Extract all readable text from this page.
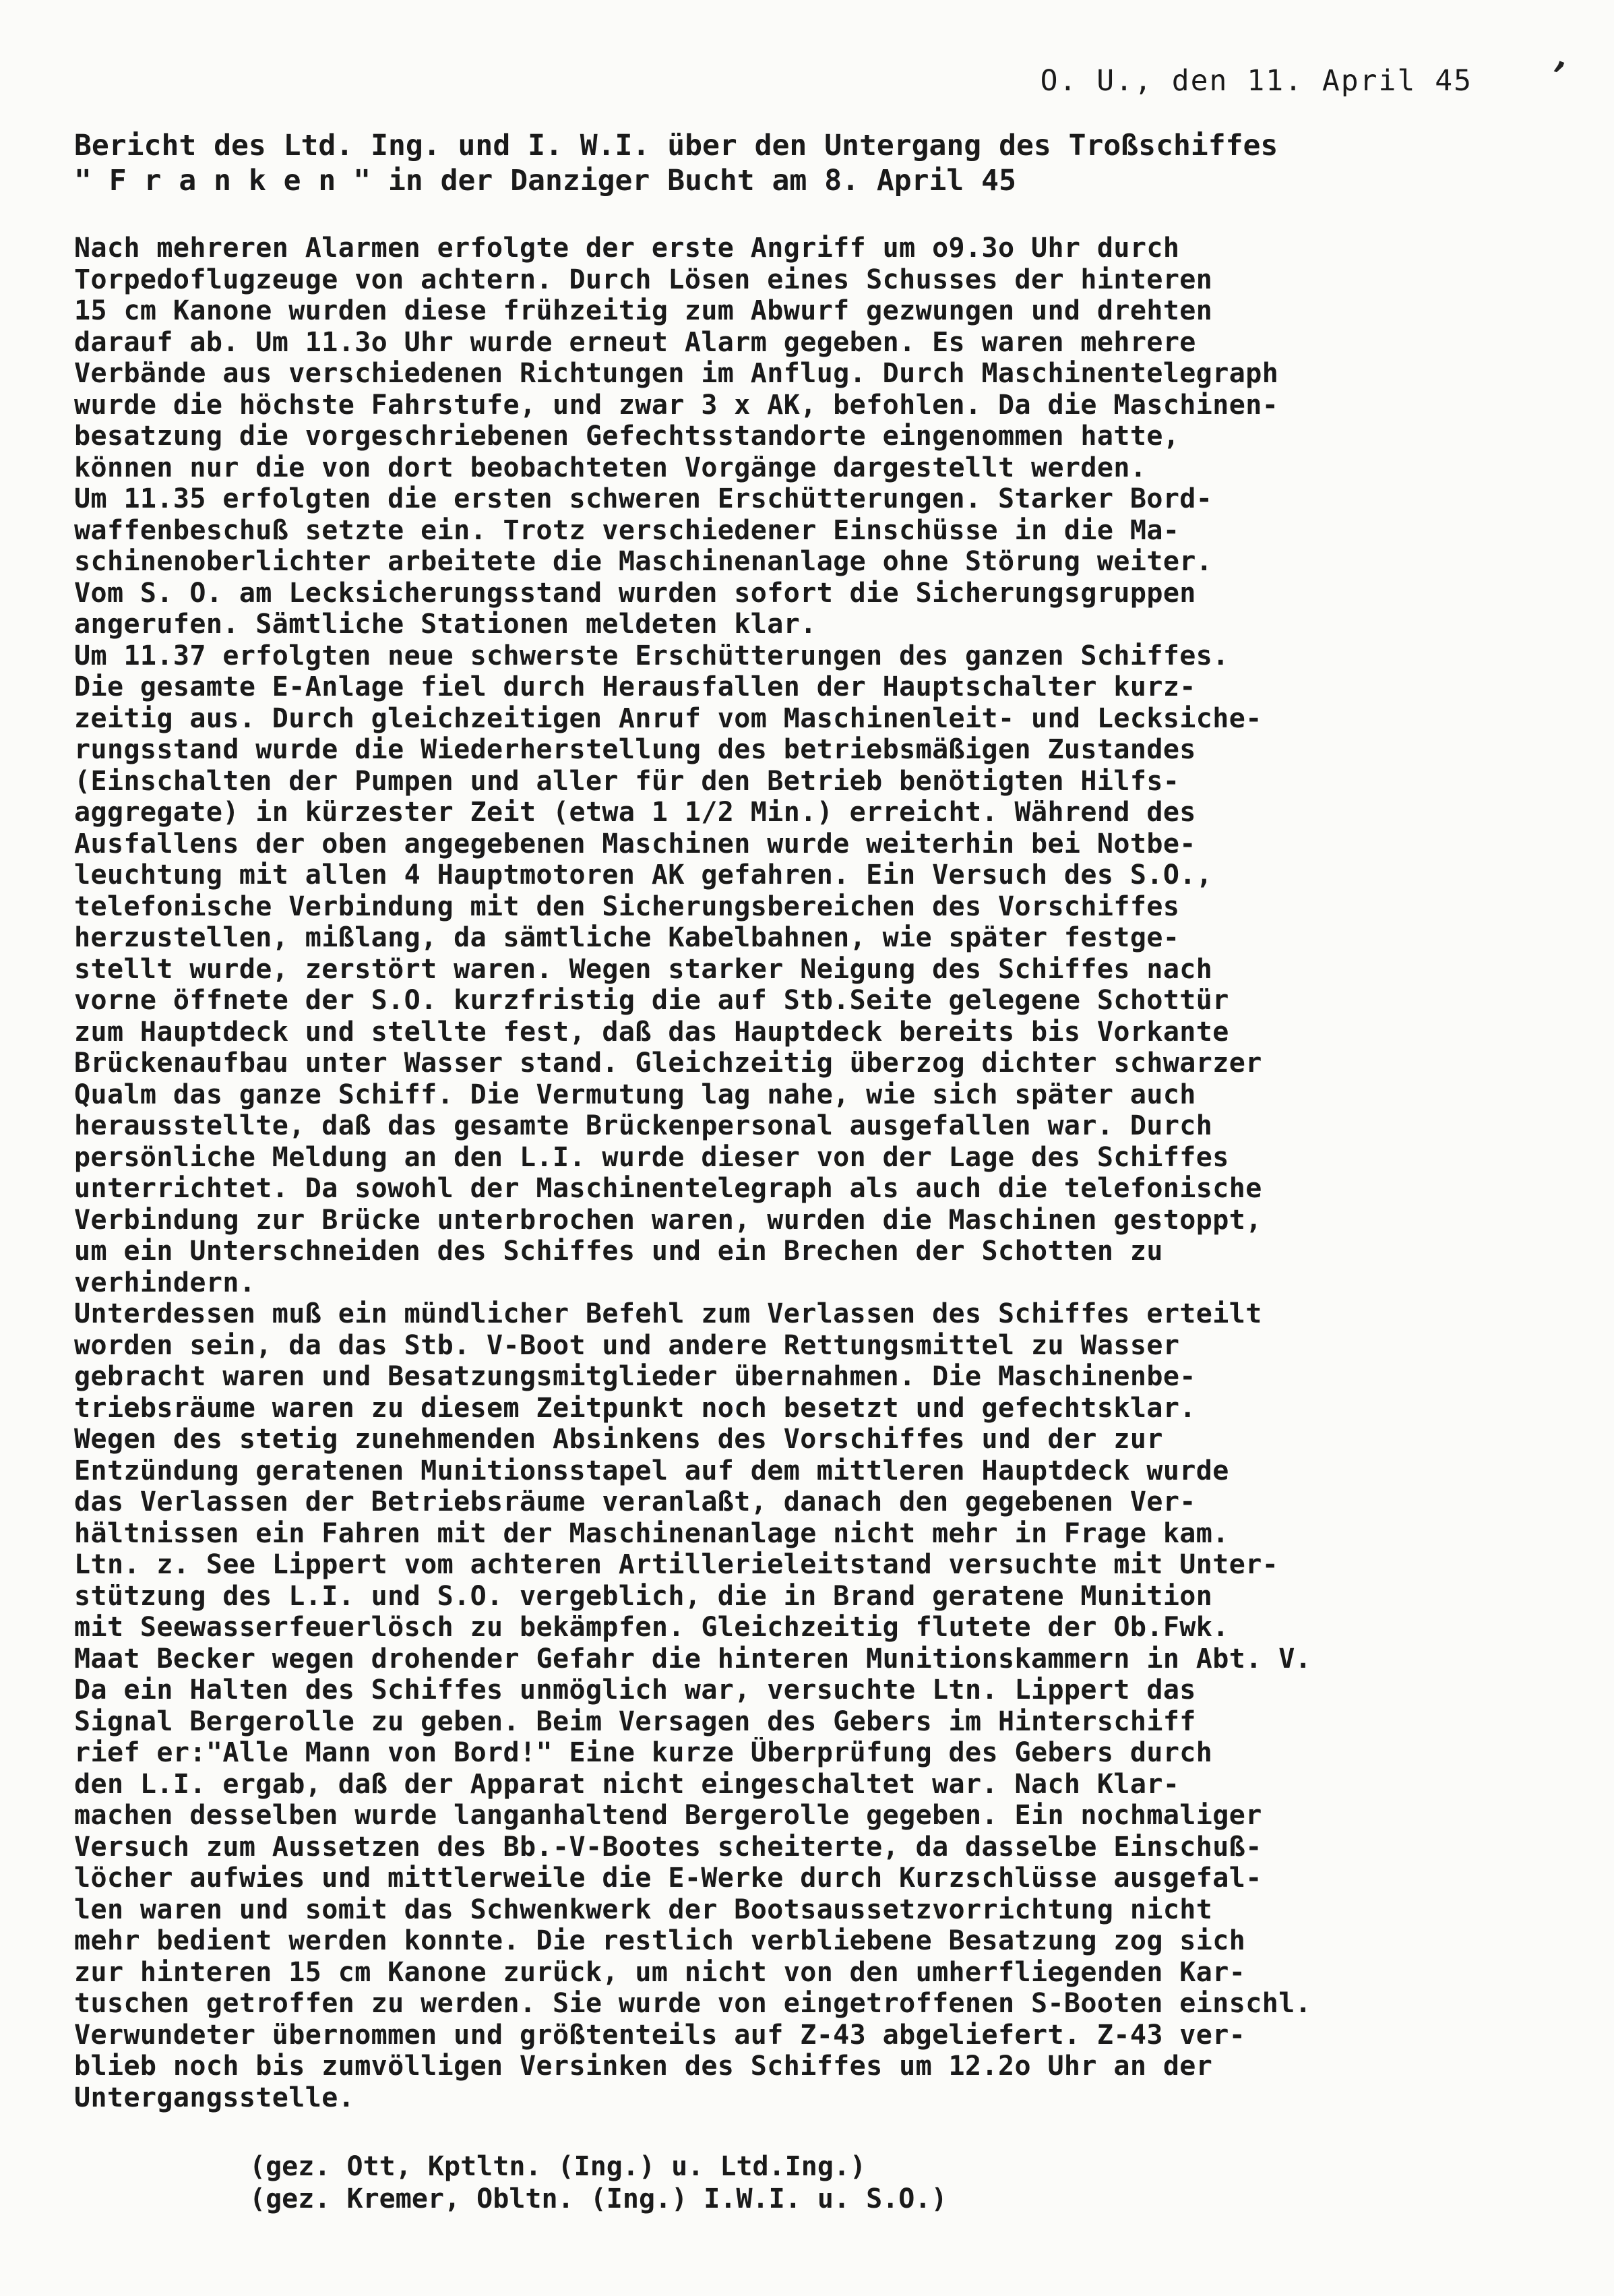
O. U., den 11. April 45 ’
Bericht des Ltd. Ing. und I. W.I. über den Untergang des Troßschiffes
" F r a n k e n " in der Danziger Bucht am 8. April 45
Nach mehreren Alarmen erfolgte der erste Angriff um o9.3o Uhr durch
Torpedoflugzeuge von achtern. Durch Lösen eines Schusses der hinteren
15 cm Kanone wurden diese frühzeitig zum Abwurf gezwungen und drehten
darauf ab. Um 11.3o Uhr wurde erneut Alarm gegeben. Es waren mehrere
Verbände aus verschiedenen Richtungen im Anflug. Durch Maschinentelegraph
wurde die höchste Fahrstufe, und zwar 3 x AK, befohlen. Da die Maschinen-
besatzung die vorgeschriebenen Gefechtsstandorte eingenommen hatte,
können nur die von dort beobachteten Vorgänge dargestellt werden.
Um 11.35 erfolgten die ersten schweren Erschütterungen. Starker Bord-
waffenbeschuß setzte ein. Trotz verschiedener Einschüsse in die Ma-
schinenoberlichter arbeitete die Maschinenanlage ohne Störung weiter.
Vom S. O. am Lecksicherungsstand wurden sofort die Sicherungsgruppen
angerufen. Sämtliche Stationen meldeten klar.
Um 11.37 erfolgten neue schwerste Erschütterungen des ganzen Schiffes.
Die gesamte E-Anlage fiel durch Herausfallen der Hauptschalter kurz-
zeitig aus. Durch gleichzeitigen Anruf vom Maschinenleit- und Lecksiche-
rungsstand wurde die Wiederherstellung des betriebsmäßigen Zustandes
(Einschalten der Pumpen und aller für den Betrieb benötigten Hilfs-
aggregate) in kürzester Zeit (etwa 1 1/2 Min.) erreicht. Während des
Ausfallens der oben angegebenen Maschinen wurde weiterhin bei Notbe-
leuchtung mit allen 4 Hauptmotoren AK gefahren. Ein Versuch des S.O.,
telefonische Verbindung mit den Sicherungsbereichen des Vorschiffes
herzustellen, mißlang, da sämtliche Kabelbahnen, wie später festge-
stellt wurde, zerstört waren. Wegen starker Neigung des Schiffes nach
vorne öffnete der S.O. kurzfristig die auf Stb.Seite gelegene Schottür
zum Hauptdeck und stellte fest, daß das Hauptdeck bereits bis Vorkante
Brückenaufbau unter Wasser stand. Gleichzeitig überzog dichter schwarzer
Qualm das ganze Schiff. Die Vermutung lag nahe, wie sich später auch
herausstellte, daß das gesamte Brückenpersonal ausgefallen war. Durch
persönliche Meldung an den L.I. wurde dieser von der Lage des Schiffes
unterrichtet. Da sowohl der Maschinentelegraph als auch die telefonische
Verbindung zur Brücke unterbrochen waren, wurden die Maschinen gestoppt,
um ein Unterschneiden des Schiffes und ein Brechen der Schotten zu
verhindern.
Unterdessen muß ein mündlicher Befehl zum Verlassen des Schiffes erteilt
worden sein, da das Stb. V-Boot und andere Rettungsmittel zu Wasser
gebracht waren und Besatzungsmitglieder übernahmen. Die Maschinenbe-
triebsräume waren zu diesem Zeitpunkt noch besetzt und gefechtsklar.
Wegen des stetig zunehmenden Absinkens des Vorschiffes und der zur
Entzündung geratenen Munitionsstapel auf dem mittleren Hauptdeck wurde
das Verlassen der Betriebsräume veranlaßt, danach den gegebenen Ver-
hältnissen ein Fahren mit der Maschinenanlage nicht mehr in Frage kam.
Ltn. z. See Lippert vom achteren Artillerieleitstand versuchte mit Unter-
stützung des L.I. und S.O. vergeblich, die in Brand geratene Munition
mit Seewasserfeuerlösch zu bekämpfen. Gleichzeitig flutete der Ob.Fwk.
Maat Becker wegen drohender Gefahr die hinteren Munitionskammern in Abt. V.
Da ein Halten des Schiffes unmöglich war, versuchte Ltn. Lippert das
Signal Bergerolle zu geben. Beim Versagen des Gebers im Hinterschiff
rief er:"Alle Mann von Bord!" Eine kurze Überprüfung des Gebers durch
den L.I. ergab, daß der Apparat nicht eingeschaltet war. Nach Klar-
machen desselben wurde langanhaltend Bergerolle gegeben. Ein nochmaliger
Versuch zum Aussetzen des Bb.-V-Bootes scheiterte, da dasselbe Einschuß-
löcher aufwies und mittlerweile die E-Werke durch Kurzschlüsse ausgefal-
len waren und somit das Schwenkwerk der Bootsaussetzvorrichtung nicht
mehr bedient werden konnte. Die restlich verbliebene Besatzung zog sich
zur hinteren 15 cm Kanone zurück, um nicht von den umherfliegenden Kar-
tuschen getroffen zu werden. Sie wurde von eingetroffenen S-Booten einschl.
Verwundeter übernommen und größtenteils auf Z-43 abgeliefert. Z-43 ver-
blieb noch bis zumvölligen Versinken des Schiffes um 12.2o Uhr an der
Untergangsstelle.
(gez. Ott, Kptltn. (Ing.) u. Ltd.Ing.)
(gez. Kremer, Obltn. (Ing.) I.W.I. u. S.O.)
